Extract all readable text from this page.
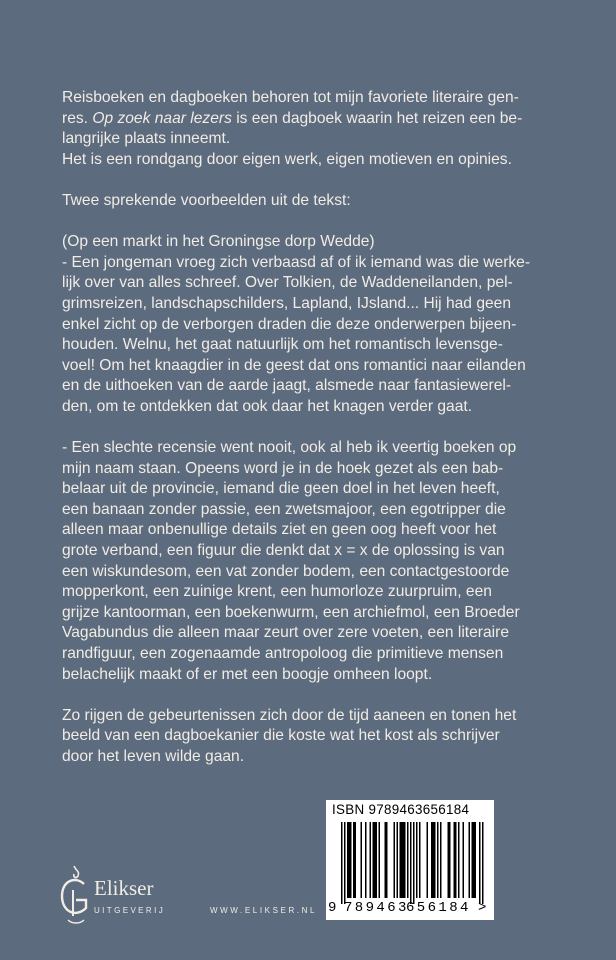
Reisboeken en dagboeken behoren tot mijn favoriete literaire gen-

res. Op zoek naar lezers is een dagboek waarin het reizen een be-

langrijke plaats inneemt.

Het is een rondgang door eigen werk, eigen motieven en opinies.

Twee sprekende voorbeelden uit de tekst:

(Op een markt in het Groningse dorp Wedde)

- Een jongeman vroeg zich verbaasd af of ik iemand was die werke-

lijk over van alles schreef. Over Tolkien, de Waddeneilanden, pel-

grimsreizen, landschapschilders, Lapland, IJsland... Hij had geen

enkel zicht op de verborgen draden die deze onderwerpen bijeen-

houden. Welnu, het gaat natuurlijk om het romantisch levensge-

voel! Om het knaagdier in de geest dat ons romantici naar eilanden

en de uithoeken van de aarde jaagt, alsmede naar fantasiewerel-

den, om te ontdekken dat ook daar het knagen verder gaat.

- Een slechte recensie went nooit, ook al heb ik veertig boeken op

mijn naam staan. Opeens word je in de hoek gezet als een bab-

belaar uit de provincie, iemand die geen doel in het leven heeft,

een banaan zonder passie, een zwetsmajoor, een egotripper die

alleen maar onbenullige details ziet en geen oog heeft voor het

grote verband, een figuur die denkt dat x = x de oplossing is van

een wiskundesom, een vat zonder bodem, een contactgestoorde

mopperkont, een zuinige krent, een humorloze zuurpruim, een

grijze kantoorman, een boekenwurm, een archiefmol, een Broeder

Vagabundus die alleen maar zeurt over zere voeten, een literaire

randfiguur, een zogenaamde antropoloog die primitieve mensen

belachelijk maakt of er met een boogje omheen loopt.

Zo rijgen de gebeurtenissen zich door de tijd aaneen en tonen het

beeld van een dagboekanier die koste wat het kost als schrijver

door het leven wilde gaan.

ISBN 9789463656184
9 789463
656184 >
Elikser
UITGEVERIJ	WWW.ELIKSER.NL
